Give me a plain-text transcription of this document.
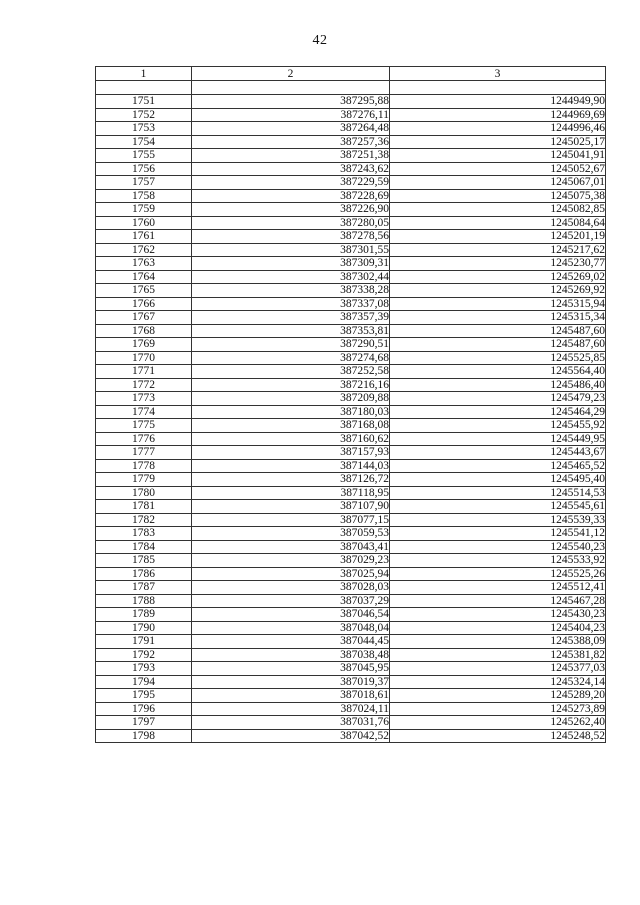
42
1	2	3

1751	387295,88	1244949,90
1752	387276,11	1244969,69
1753	387264,48	1244996,46
1754	387257,36	1245025,17
1755	387251,38	1245041,91
1756	387243,62	1245052,67
1757	387229,59	1245067,01
1758	387228,69	1245075,38
1759	387226,90	1245082,85
1760	387280,05	1245084,64
1761	387278,56	1245201,19
1762	387301,55	1245217,62
1763	387309,31	1245230,77
1764	387302,44	1245269,02
1765	387338,28	1245269,92
1766	387337,08	1245315,94
1767	387357,39	1245315,34
1768	387353,81	1245487,60
1769	387290,51	1245487,60
1770	387274,68	1245525,85
1771	387252,58	1245564,40
1772	387216,16	1245486,40
1773	387209,88	1245479,23
1774	387180,03	1245464,29
1775	387168,08	1245455,92
1776	387160,62	1245449,95
1777	387157,93	1245443,67
1778	387144,03	1245465,52
1779	387126,72	1245495,40
1780	387118,95	1245514,53
1781	387107,90	1245545,61
1782	387077,15	1245539,33
1783	387059,53	1245541,12
1784	387043,41	1245540,23
1785	387029,23	1245533,92
1786	387025,94	1245525,26
1787	387028,03	1245512,41
1788	387037,29	1245467,28
1789	387046,54	1245430,23
1790	387048,04	1245404,23
1791	387044,45	1245388,09
1792	387038,48	1245381,82
1793	387045,95	1245377,03
1794	387019,37	1245324,14
1795	387018,61	1245289,20
1796	387024,11	1245273,89
1797	387031,76	1245262,40
1798	387042,52	1245248,52
